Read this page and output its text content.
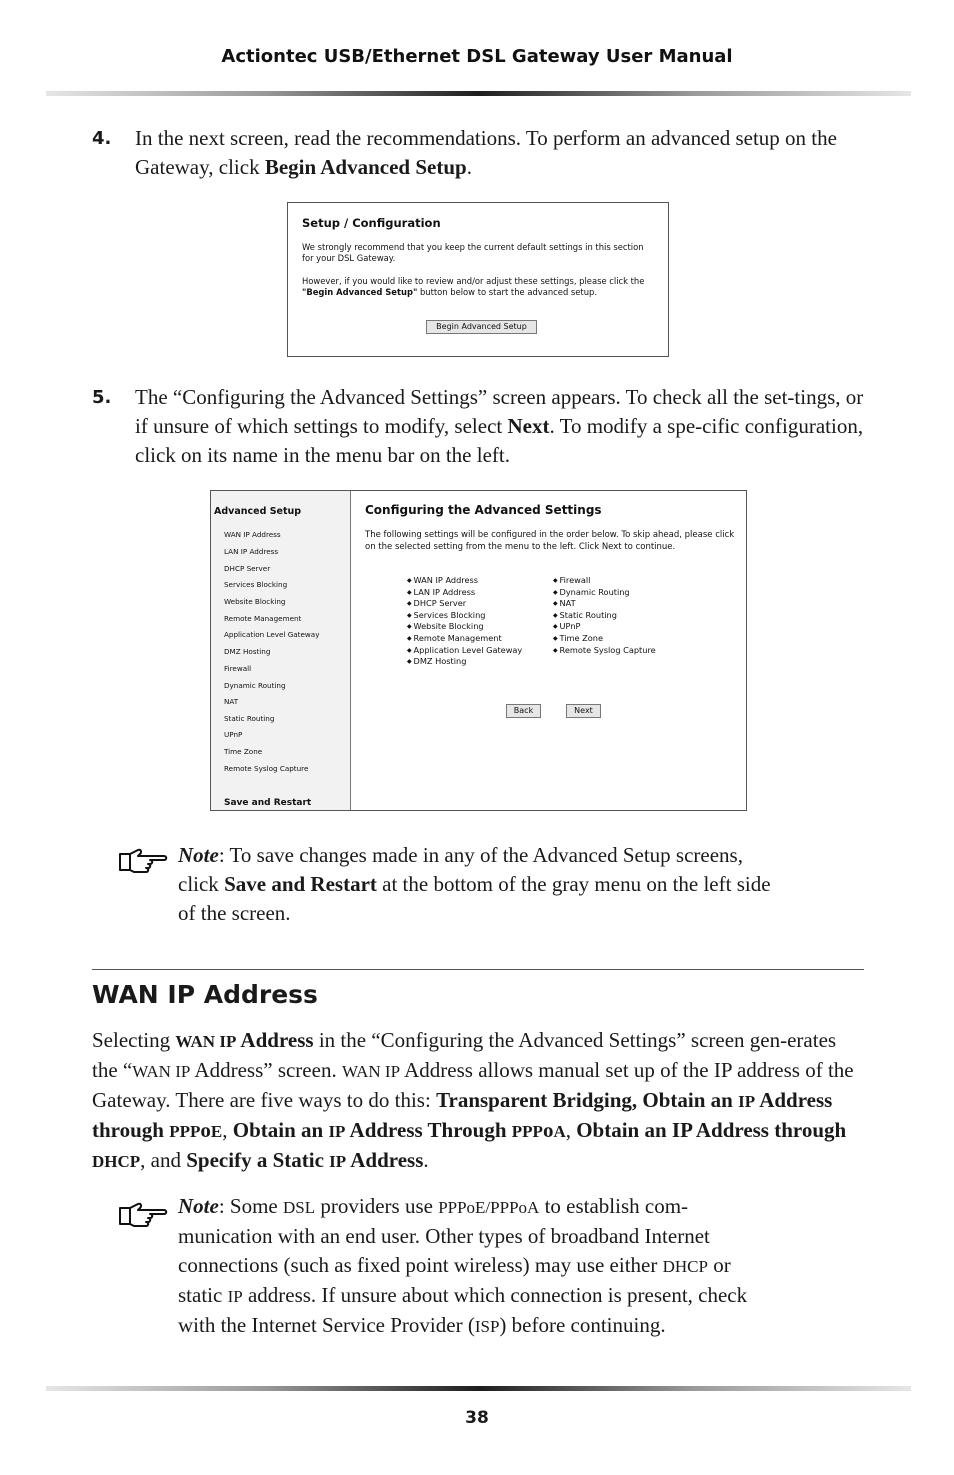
Actiontec USB/Ethernet DSL Gateway User Manual
4. In the next screen, read the recommendations. To perform an advanced setup on the Gateway, click Begin Advanced Setup.
Setup / Configuration
We strongly recommend that you keep the current default settings in this section for your DSL Gateway.
However, if you would like to review and/or adjust these settings, please click the "Begin Advanced Setup" button below to start the advanced setup.
Begin Advanced Setup
5. The “Configuring the Advanced Settings” screen appears. To check all the set-tings, or if unsure of which settings to modify, select Next. To modify a spe-cific configuration, click on its name in the menu bar on the left.
Advanced Setup
WAN IP Address
LAN IP Address
DHCP Server
Services Blocking
Website Blocking
Remote Management
Application Level Gateway
DMZ Hosting
Firewall
Dynamic Routing
NAT
Static Routing
UPnP
Time Zone
Remote Syslog Capture
Save and Restart
Configuring the Advanced Settings
The following settings will be configured in the order below. To skip ahead, please click on the selected setting from the menu to the left. Click Next to continue.
◆ WAN IP Address
◆ LAN IP Address
◆ DHCP Server
◆ Services Blocking
◆ Website Blocking
◆ Remote Management
◆ Application Level Gateway
◆ DMZ Hosting
◆ Firewall
◆ Dynamic Routing
◆ NAT
◆ Static Routing
◆ UPnP
◆ Time Zone
◆ Remote Syslog Capture
Back	Next
Note: To save changes made in any of the Advanced Setup screens, click Save and Restart at the bottom of the gray menu on the left side of the screen.
WAN IP Address
Selecting WAN IP Address in the “Configuring the Advanced Settings” screen gen-erates the “WAN IP Address” screen. WAN IP Address allows manual set up of the IP address of the Gateway. There are five ways to do this: Transparent Bridging, Obtain an IP Address through PPPoE, Obtain an IP Address Through PPPoA, Obtain an IP Address through DHCP, and Specify a Static IP Address.
Note: Some DSL providers use PPPoE/PPPoA to establish com-munication with an end user. Other types of broadband Internet connections (such as fixed point wireless) may use either DHCP or static IP address. If unsure about which connection is present, check with the Internet Service Provider (ISP) before continuing.
38
